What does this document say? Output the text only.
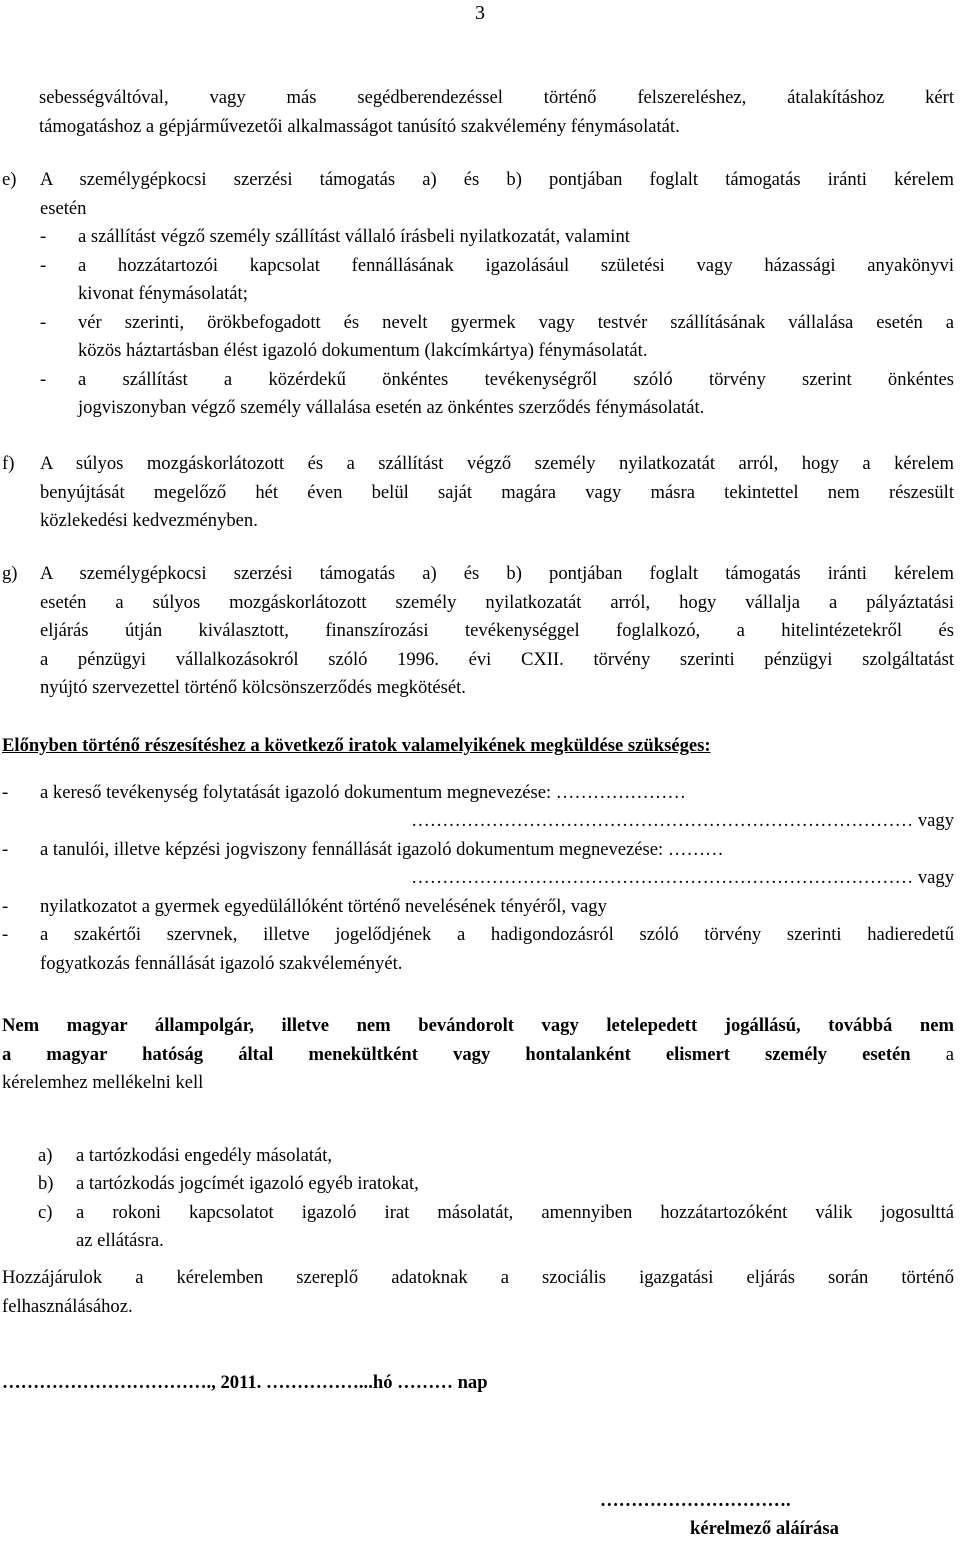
3

sebességváltóval, vagy más segédberendezéssel történő felszereléshez, átalakításhoz kért

támogatáshoz a gépjárművezetői alkalmasságot tanúsító szakvélemény fénymásolatát.

e)	A személygépkocsi szerzési támogatás a) és b) pontjában foglalt támogatás iránti kérelem

esetén

-	a szállítást végző személy szállítást vállaló írásbeli nyilatkozatát, valamint

-	a hozzátartozói kapcsolat fennállásának igazolásául születési vagy házassági anyakönyvi

kivonat fénymásolatát;

-	vér szerinti, örökbefogadott és nevelt gyermek vagy testvér szállításának vállalása esetén a

közös háztartásban élést igazoló dokumentum (lakcímkártya) fénymásolatát.

-	a szállítást a közérdekű önkéntes tevékenységről szóló törvény szerint önkéntes

jogviszonyban végző személy vállalása esetén az önkéntes szerződés fénymásolatát.

f)	A súlyos mozgáskorlátozott és a szállítást végző személy nyilatkozatát arról, hogy a kérelem

benyújtását megelőző hét éven belül saját magára vagy másra tekintettel nem részesült

közlekedési kedvezményben.

g)	A személygépkocsi szerzési támogatás a) és b) pontjában foglalt támogatás iránti kérelem

esetén a súlyos mozgáskorlátozott személy nyilatkozatát arról, hogy vállalja a pályáztatási

eljárás útján kiválasztott, finanszírozási tevékenységgel foglalkozó, a hitelintézetekről és

a pénzügyi vállalkozásokról szóló 1996. évi CXII. törvény szerinti pénzügyi szolgáltatást

nyújtó szervezettel történő kölcsönszerződés megkötését.

Előnyben történő részesítéshez a következő iratok valamelyikének megküldése szükséges:

-	a kereső tevékenység folytatását igazoló dokumentum megnevezése: …………………

……………………………………………………………………… vagy

-	a tanulói, illetve képzési jogviszony fennállását igazoló dokumentum megnevezése: ………

……………………………………………………………………… vagy

-	nyilatkozatot a gyermek egyedülállóként történő nevelésének tényéről, vagy

-	a szakértői szervnek, illetve jogelődjének a hadigondozásról szóló törvény szerinti hadieredetű

fogyatkozás fennállását igazoló szakvéleményét.

Nem magyar állampolgár, illetve nem bevándorolt vagy letelepedett jogállású, továbbá nem

a magyar hatóság által menekültként vagy hontalanként elismert személy esetén a

kérelemhez mellékelni kell

a)	a tartózkodási engedély másolatát,

b)	a tartózkodás jogcímét igazoló egyéb iratokat,

c)	a rokoni kapcsolatot igazoló irat másolatát, amennyiben hozzátartozóként válik jogosulttá

az ellátásra.

Hozzájárulok a kérelemben szereplő adatoknak a szociális igazgatási eljárás során történő

felhasználásához.

……………………………., 2011. ……………...hó ……… nap
………………………….
kérelmező aláírása
